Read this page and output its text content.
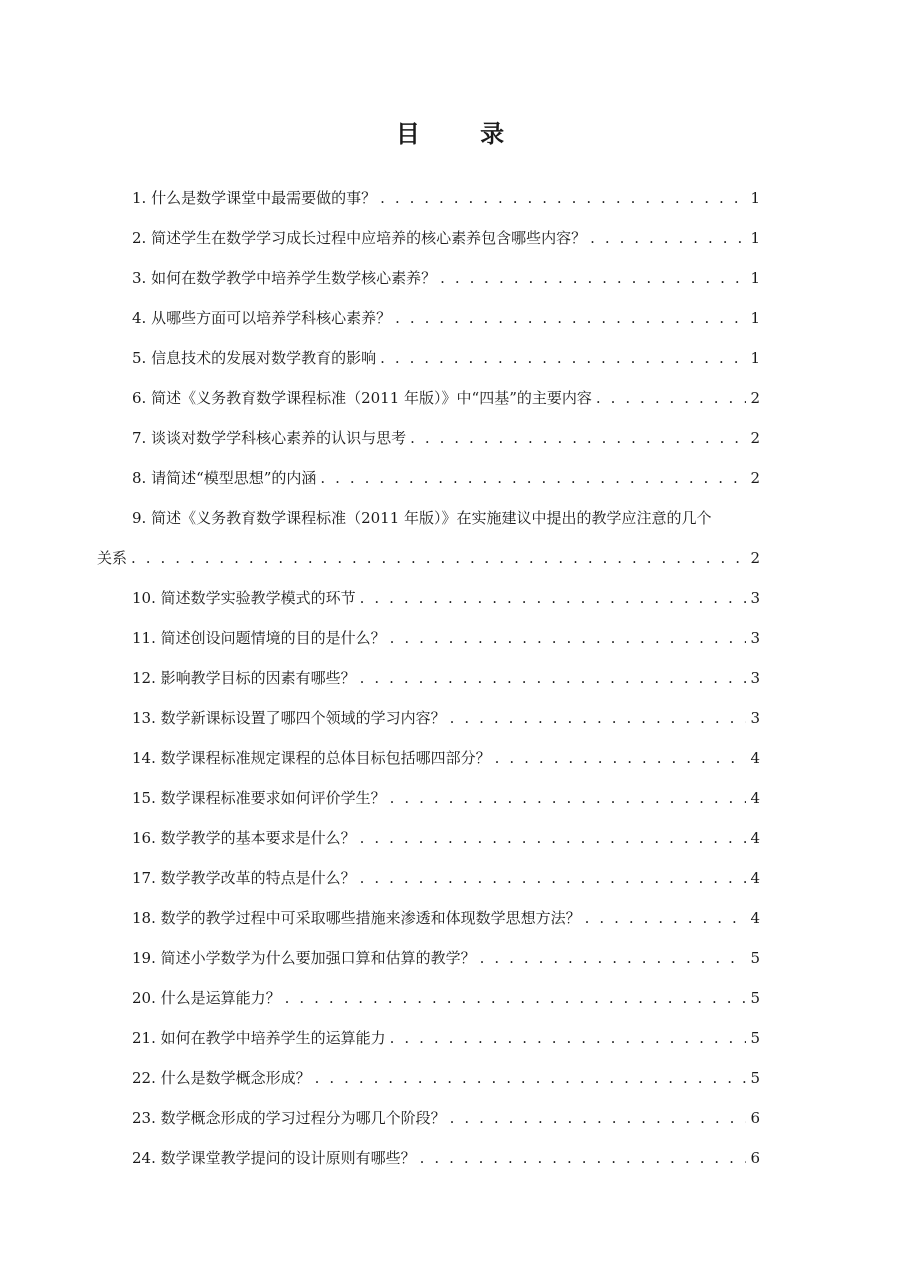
目 录
1. 什么是数学课堂中最需要做的事？ . . .	1
2. 简述学生在数学学习成长过程中应培养的核心素养包含哪些内容？ . . .	1
3. 如何在数学教学中培养学生数学核心素养？ . . .	1
4. 从哪些方面可以培养学科核心素养？ . . .	1
5. 信息技术的发展对数学教育的影响 . . .	1
6. 简述《义务教育数学课程标准（2011 年版）》中“四基”的主要内容 . . .	2
7. 谈谈对数学学科核心素养的认识与思考 . . .	2
8. 请简述“模型思想”的内涵 . . .	2
9. 简述《义务教育数学课程标准（2011 年版）》在实施建议中提出的教学应注意的几个
关系 . . .	2
10. 简述数学实验教学模式的环节 . . .	3
11. 简述创设问题情境的目的是什么？ . . .	3
12. 影响教学目标的因素有哪些？ . . .	3
13. 数学新课标设置了哪四个领域的学习内容？ . . .	3
14. 数学课程标准规定课程的总体目标包括哪四部分？ . . .	4
15. 数学课程标准要求如何评价学生？ . . .	4
16. 数学教学的基本要求是什么？ . . .	4
17. 数学教学改革的特点是什么？ . . .	4
18. 数学的教学过程中可采取哪些措施来渗透和体现数学思想方法？ . . .	4
19. 简述小学数学为什么要加强口算和估算的教学？ . . .	5
20. 什么是运算能力？ . . .	5
21. 如何在教学中培养学生的运算能力 . . .	5
22. 什么是数学概念形成？ . . .	5
23. 数学概念形成的学习过程分为哪几个阶段？ . . .	6
24. 数学课堂教学提问的设计原则有哪些？ . . .	6
